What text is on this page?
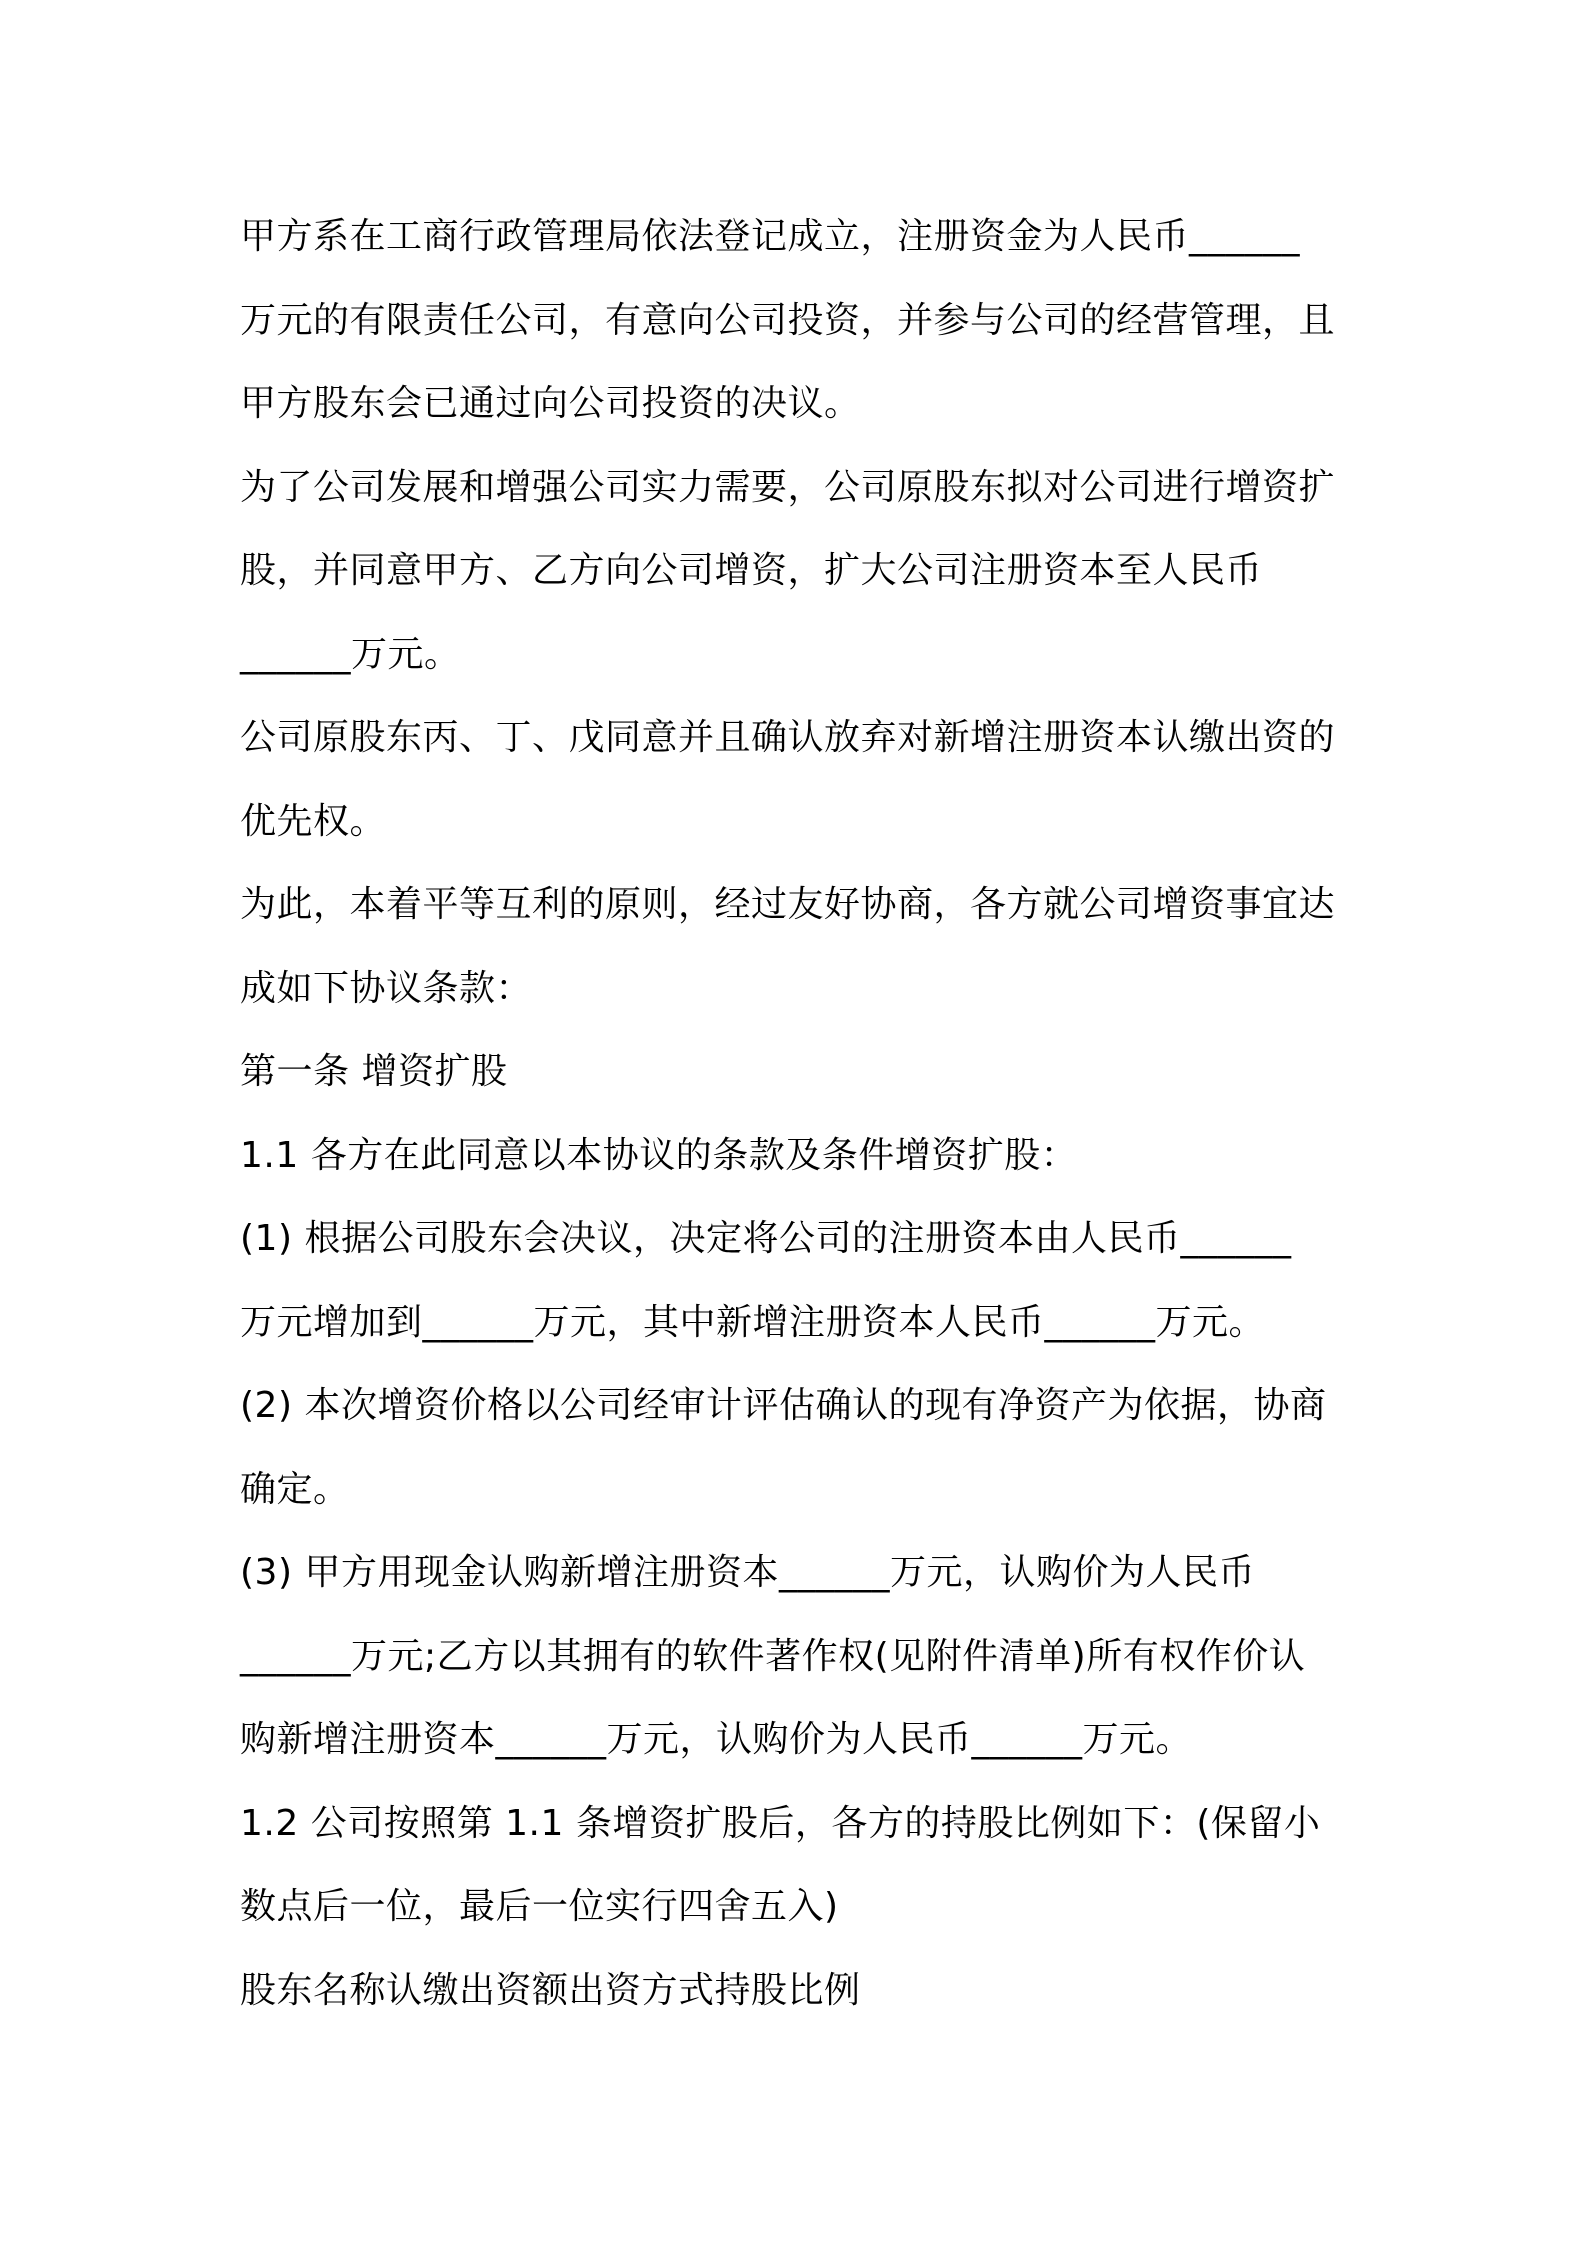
甲方系在工商行政管理局依法登记成立，注册资金为人民币______
万元的有限责任公司，有意向公司投资，并参与公司的经营管理，且
甲方股东会已通过向公司投资的决议。
为了公司发展和增强公司实力需要，公司原股东拟对公司进行增资扩
股，并同意甲方、乙方向公司增资，扩大公司注册资本至人民币
______万元。
公司原股东丙、丁、戊同意并且确认放弃对新增注册资本认缴出资的
优先权。
为此，本着平等互利的原则，经过友好协商，各方就公司增资事宜达
成如下协议条款：
第一条 增资扩股
1.1 各方在此同意以本协议的条款及条件增资扩股：
(1) 根据公司股东会决议，决定将公司的注册资本由人民币______
万元增加到______万元，其中新增注册资本人民币______万元。
(2) 本次增资价格以公司经审计评估确认的现有净资产为依据，协商
确定。
(3) 甲方用现金认购新增注册资本______万元，认购价为人民币
______万元;乙方以其拥有的软件著作权(见附件清单)所有权作价认
购新增注册资本______万元，认购价为人民币______万元。
1.2 公司按照第 1.1 条增资扩股后，各方的持股比例如下：(保留小
数点后一位，最后一位实行四舍五入)
股东名称认缴出资额出资方式持股比例
